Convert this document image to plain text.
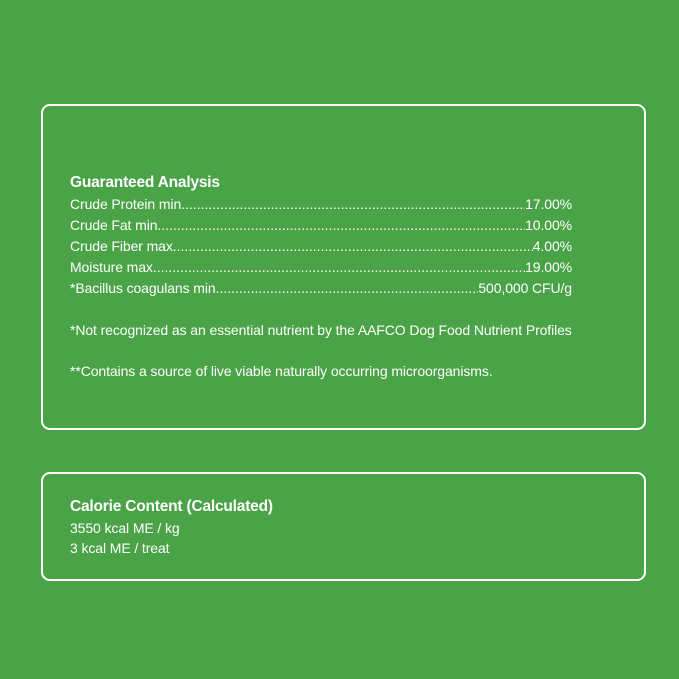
Guaranteed Analysis
Crude Protein min .....	17.00%
Crude Fat min .....	10.00%
Crude Fiber max .....	4.00%
Moisture max .....	19.00%
*Bacillus coagulans min .....	500,000 CFU/g
*Not recognized as an essential nutrient by the AAFCO Dog Food Nutrient Profiles
**Contains a source of live viable naturally occurring microorganisms.
Calorie Content (Calculated)
3550 kcal ME / kg
3 kcal ME / treat
